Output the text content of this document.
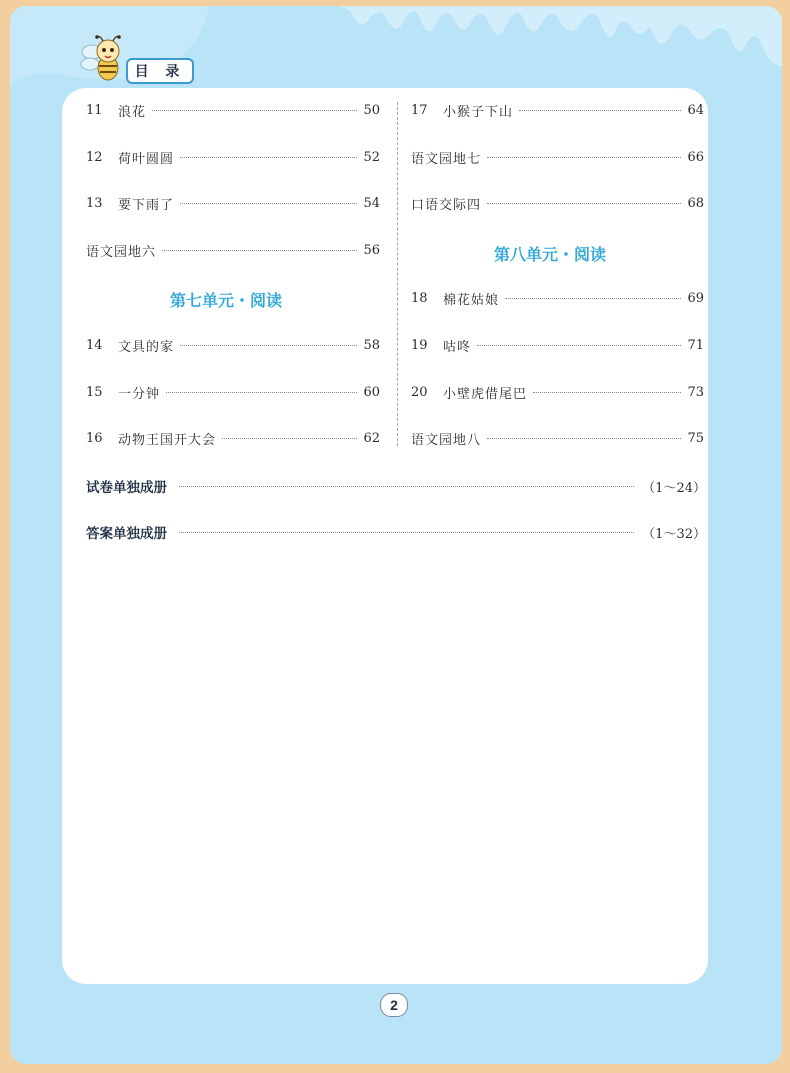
目 录
11	浪花	50
12	荷叶圆圆	52
13	要下雨了	54
语文园地六	56
第七单元・阅读
14	文具的家	58
15	一分钟	60
16	动物王国开大会	62
17	小猴子下山	64
语文园地七	66
口语交际四	68
第八单元・阅读
18	棉花姑娘	69
19	咕咚	71
20	小壁虎借尾巴	73
语文园地八	75
试卷单独成册	（1～24）
答案单独成册	（1～32）
2
